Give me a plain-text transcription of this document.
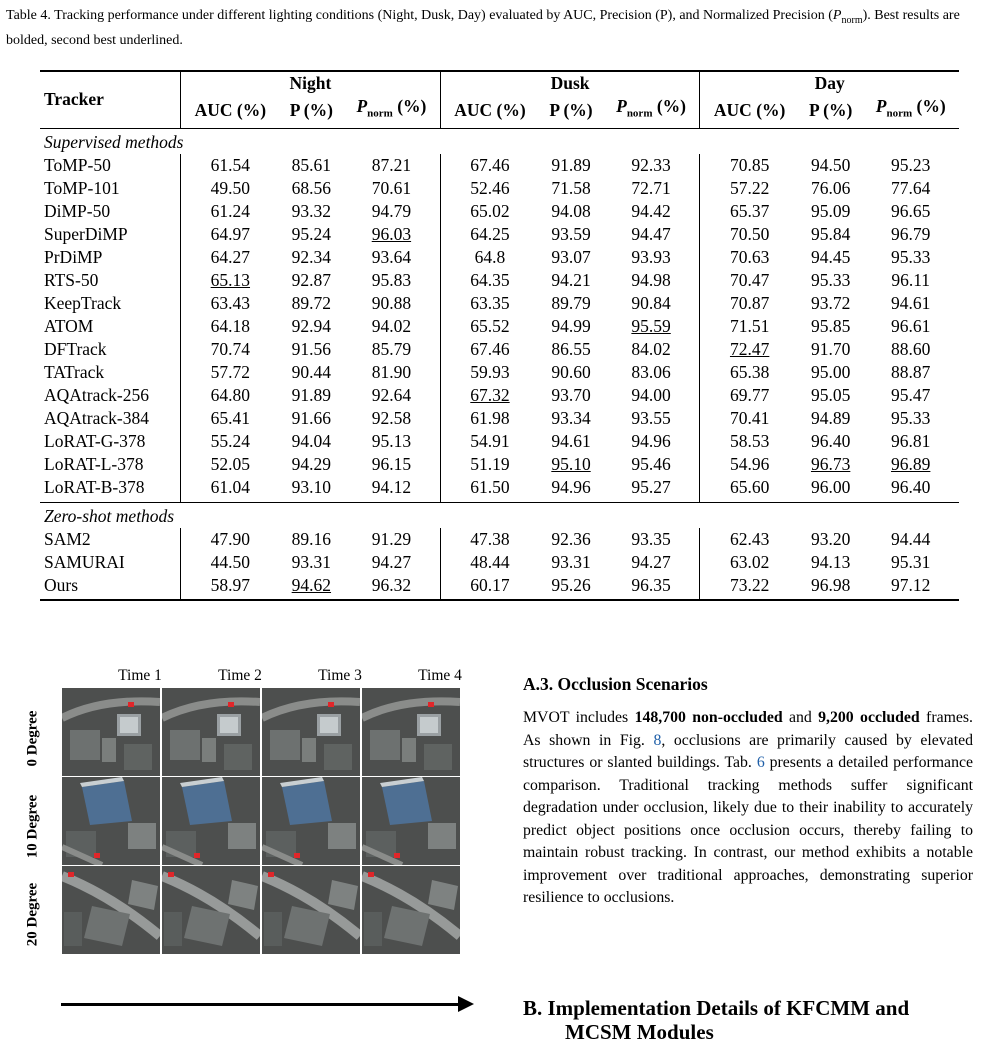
Table 4. Tracking performance under different lighting conditions (Night, Dusk, Day) evaluated by AUC, Precision (P), and Normalized Precision $(P_{norm})$. Best results are bolded, second best underlined.
Tracker	Night			Dusk			Day		
	AUC (%)	P (%)	$P_{norm}$ (%)	AUC (%)	P (%)	$P_{norm}$ (%)	AUC (%)	P (%)	$P_{norm}$ (%)
Supervised methods									
ToMP-50	61.54	85.61	87.21	67.46	91.89	92.33	70.85	94.50	95.23
ToMP-101	49.50	68.56	70.61	52.46	71.58	72.71	57.22	76.06	77.64
DiMP-50	61.24	93.32	94.79	65.02	94.08	94.42	65.37	95.09	96.65
SuperDiMP	64.97	95.24	96.03	64.25	93.59	94.47	70.50	95.84	96.79
PrDiMP	64.27	92.34	93.64	64.8	93.07	93.93	70.63	94.45	95.33
RTS-50	65.13	92.87	95.83	64.35	94.21	94.98	70.47	95.33	96.11
KeepTrack	63.43	89.72	90.88	63.35	89.79	90.84	70.87	93.72	94.61
ATOM	64.18	92.94	94.02	65.52	94.99	95.59	71.51	95.85	96.61
DFTrack	70.74	91.56	85.79	67.46	86.55	84.02	72.47	91.70	88.60
TATrack	57.72	90.44	81.90	59.93	90.60	83.06	65.38	95.00	88.87
AQAtrack-256	64.80	91.89	92.64	67.32	93.70	94.00	69.77	95.05	95.47
AQAtrack-384	65.41	91.66	92.58	61.98	93.34	93.55	70.41	94.89	95.33
LoRAT-G-378	55.24	94.04	95.13	54.91	94.61	94.96	58.53	96.40	96.81
LoRAT-L-378	52.05	94.29	96.15	51.19	95.10	95.46	54.96	96.73	96.89
LoRAT-B-378	61.04	93.10	94.12	61.50	94.96	95.27	65.60	96.00	96.40
Zero-shot methods									
SAM2	47.90	89.16	91.29	47.38	92.36	93.35	62.43	93.20	94.44
SAMURAI	44.50	93.31	94.27	48.44	93.31	94.27	63.02	94.13	95.31
Ours	58.97	94.62	96.32	60.17	95.26	96.35	73.22	96.98	97.12
Time 1	Time 2	Time 3	Time 4
0 Degree
10 Degree
20 Degree
A.3. Occlusion Scenarios
MVOT includes 148,700 non-occluded and 9,200 occluded frames. As shown in Fig. 8, occlusions are primarily caused by elevated structures or slanted buildings. Tab. 6 presents a detailed performance comparison. Traditional tracking methods suffer significant degradation under occlusion, likely due to their inability to accurately predict object positions once occlusion occurs, thereby failing to maintain robust tracking. In contrast, our method exhibits a notable improvement over traditional approaches, demonstrating superior resilience to occlusions.
B. Implementation Details of KFCMM and
MCSM Modules
